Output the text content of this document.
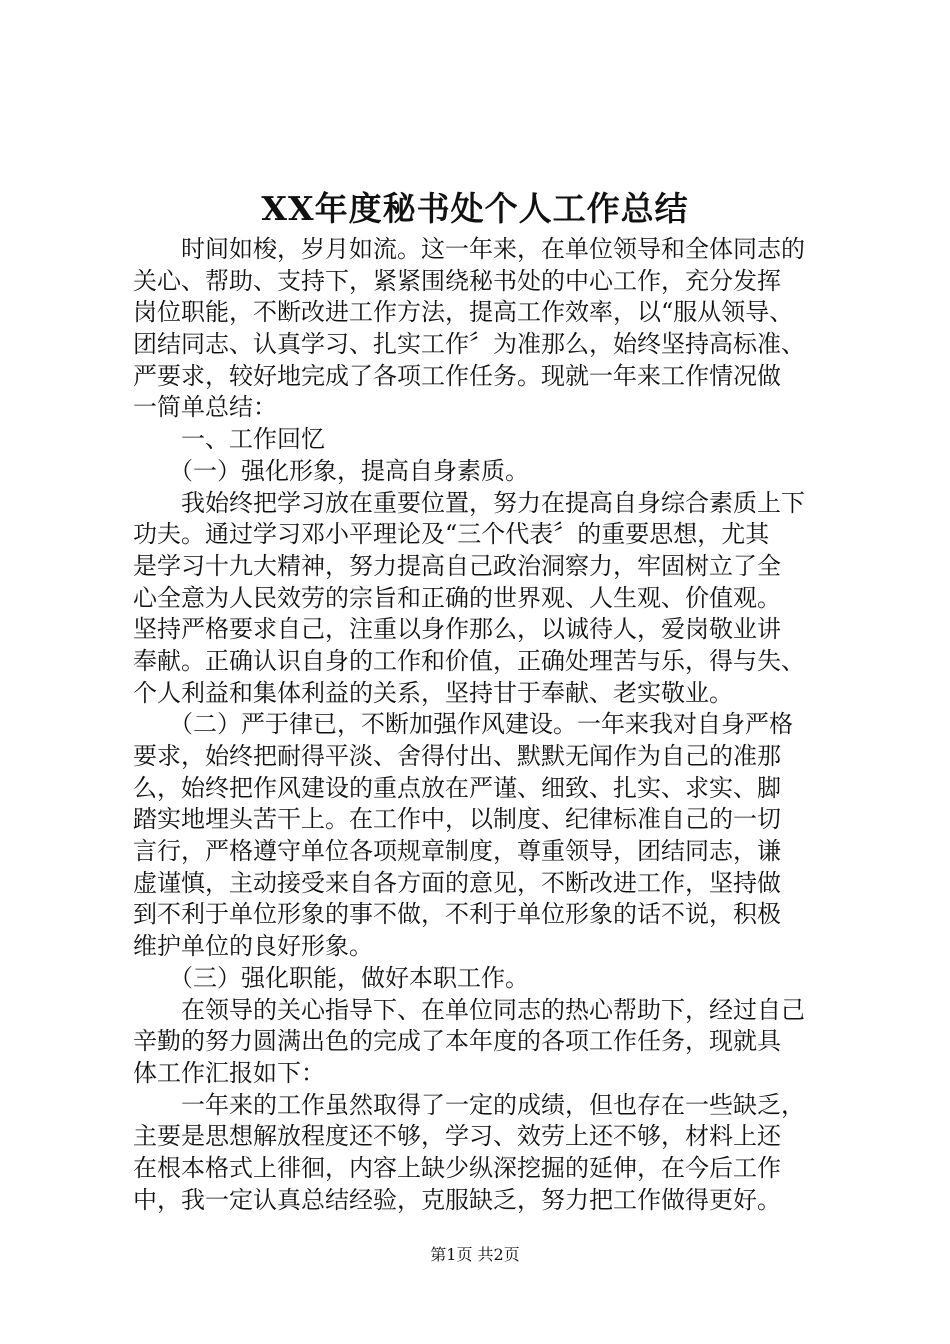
XX年度秘书处个人工作总结
　　时间如梭，岁月如流。这一年来，在单位领导和全体同志的
关心、帮助、支持下，紧紧围绕秘书处的中心工作，充分发挥
岗位职能，不断改进工作方法，提高工作效率，以“服从领导、
团结同志、认真学习、扎实工作〞为准那么，始终坚持高标准、
严要求，较好地完成了各项工作任务。现就一年来工作情况做
一简单总结：
　　一、工作回忆
　　（一）强化形象，提高自身素质。
　　我始终把学习放在重要位置，努力在提高自身综合素质上下
功夫。通过学习邓小平理论及“三个代表〞的重要思想，尤其
是学习十九大精神，努力提高自己政治洞察力，牢固树立了全
心全意为人民效劳的宗旨和正确的世界观、人生观、价值观。
坚持严格要求自己，注重以身作那么，以诚待人，爱岗敬业讲
奉献。正确认识自身的工作和价值，正确处理苦与乐，得与失、
个人利益和集体利益的关系，坚持甘于奉献、老实敬业。
　　（二）严于律已，不断加强作风建设。一年来我对自身严格
要求，始终把耐得平淡、舍得付出、默默无闻作为自己的准那
么，始终把作风建设的重点放在严谨、细致、扎实、求实、脚
踏实地埋头苦干上。在工作中，以制度、纪律标准自己的一切
言行，严格遵守单位各项规章制度，尊重领导，团结同志，谦
虚谨慎，主动接受来自各方面的意见，不断改进工作，坚持做
到不利于单位形象的事不做，不利于单位形象的话不说，积极
维护单位的良好形象。
　　（三）强化职能，做好本职工作。
　　在领导的关心指导下、在单位同志的热心帮助下，经过自己
辛勤的努力圆满出色的完成了本年度的各项工作任务，现就具
体工作汇报如下：
　　一年来的工作虽然取得了一定的成绩，但也存在一些缺乏，
主要是思想解放程度还不够，学习、效劳上还不够，材料上还
在根本格式上徘徊，内容上缺少纵深挖掘的延伸，在今后工作
中，我一定认真总结经验，克服缺乏，努力把工作做得更好。
第1页 共2页
